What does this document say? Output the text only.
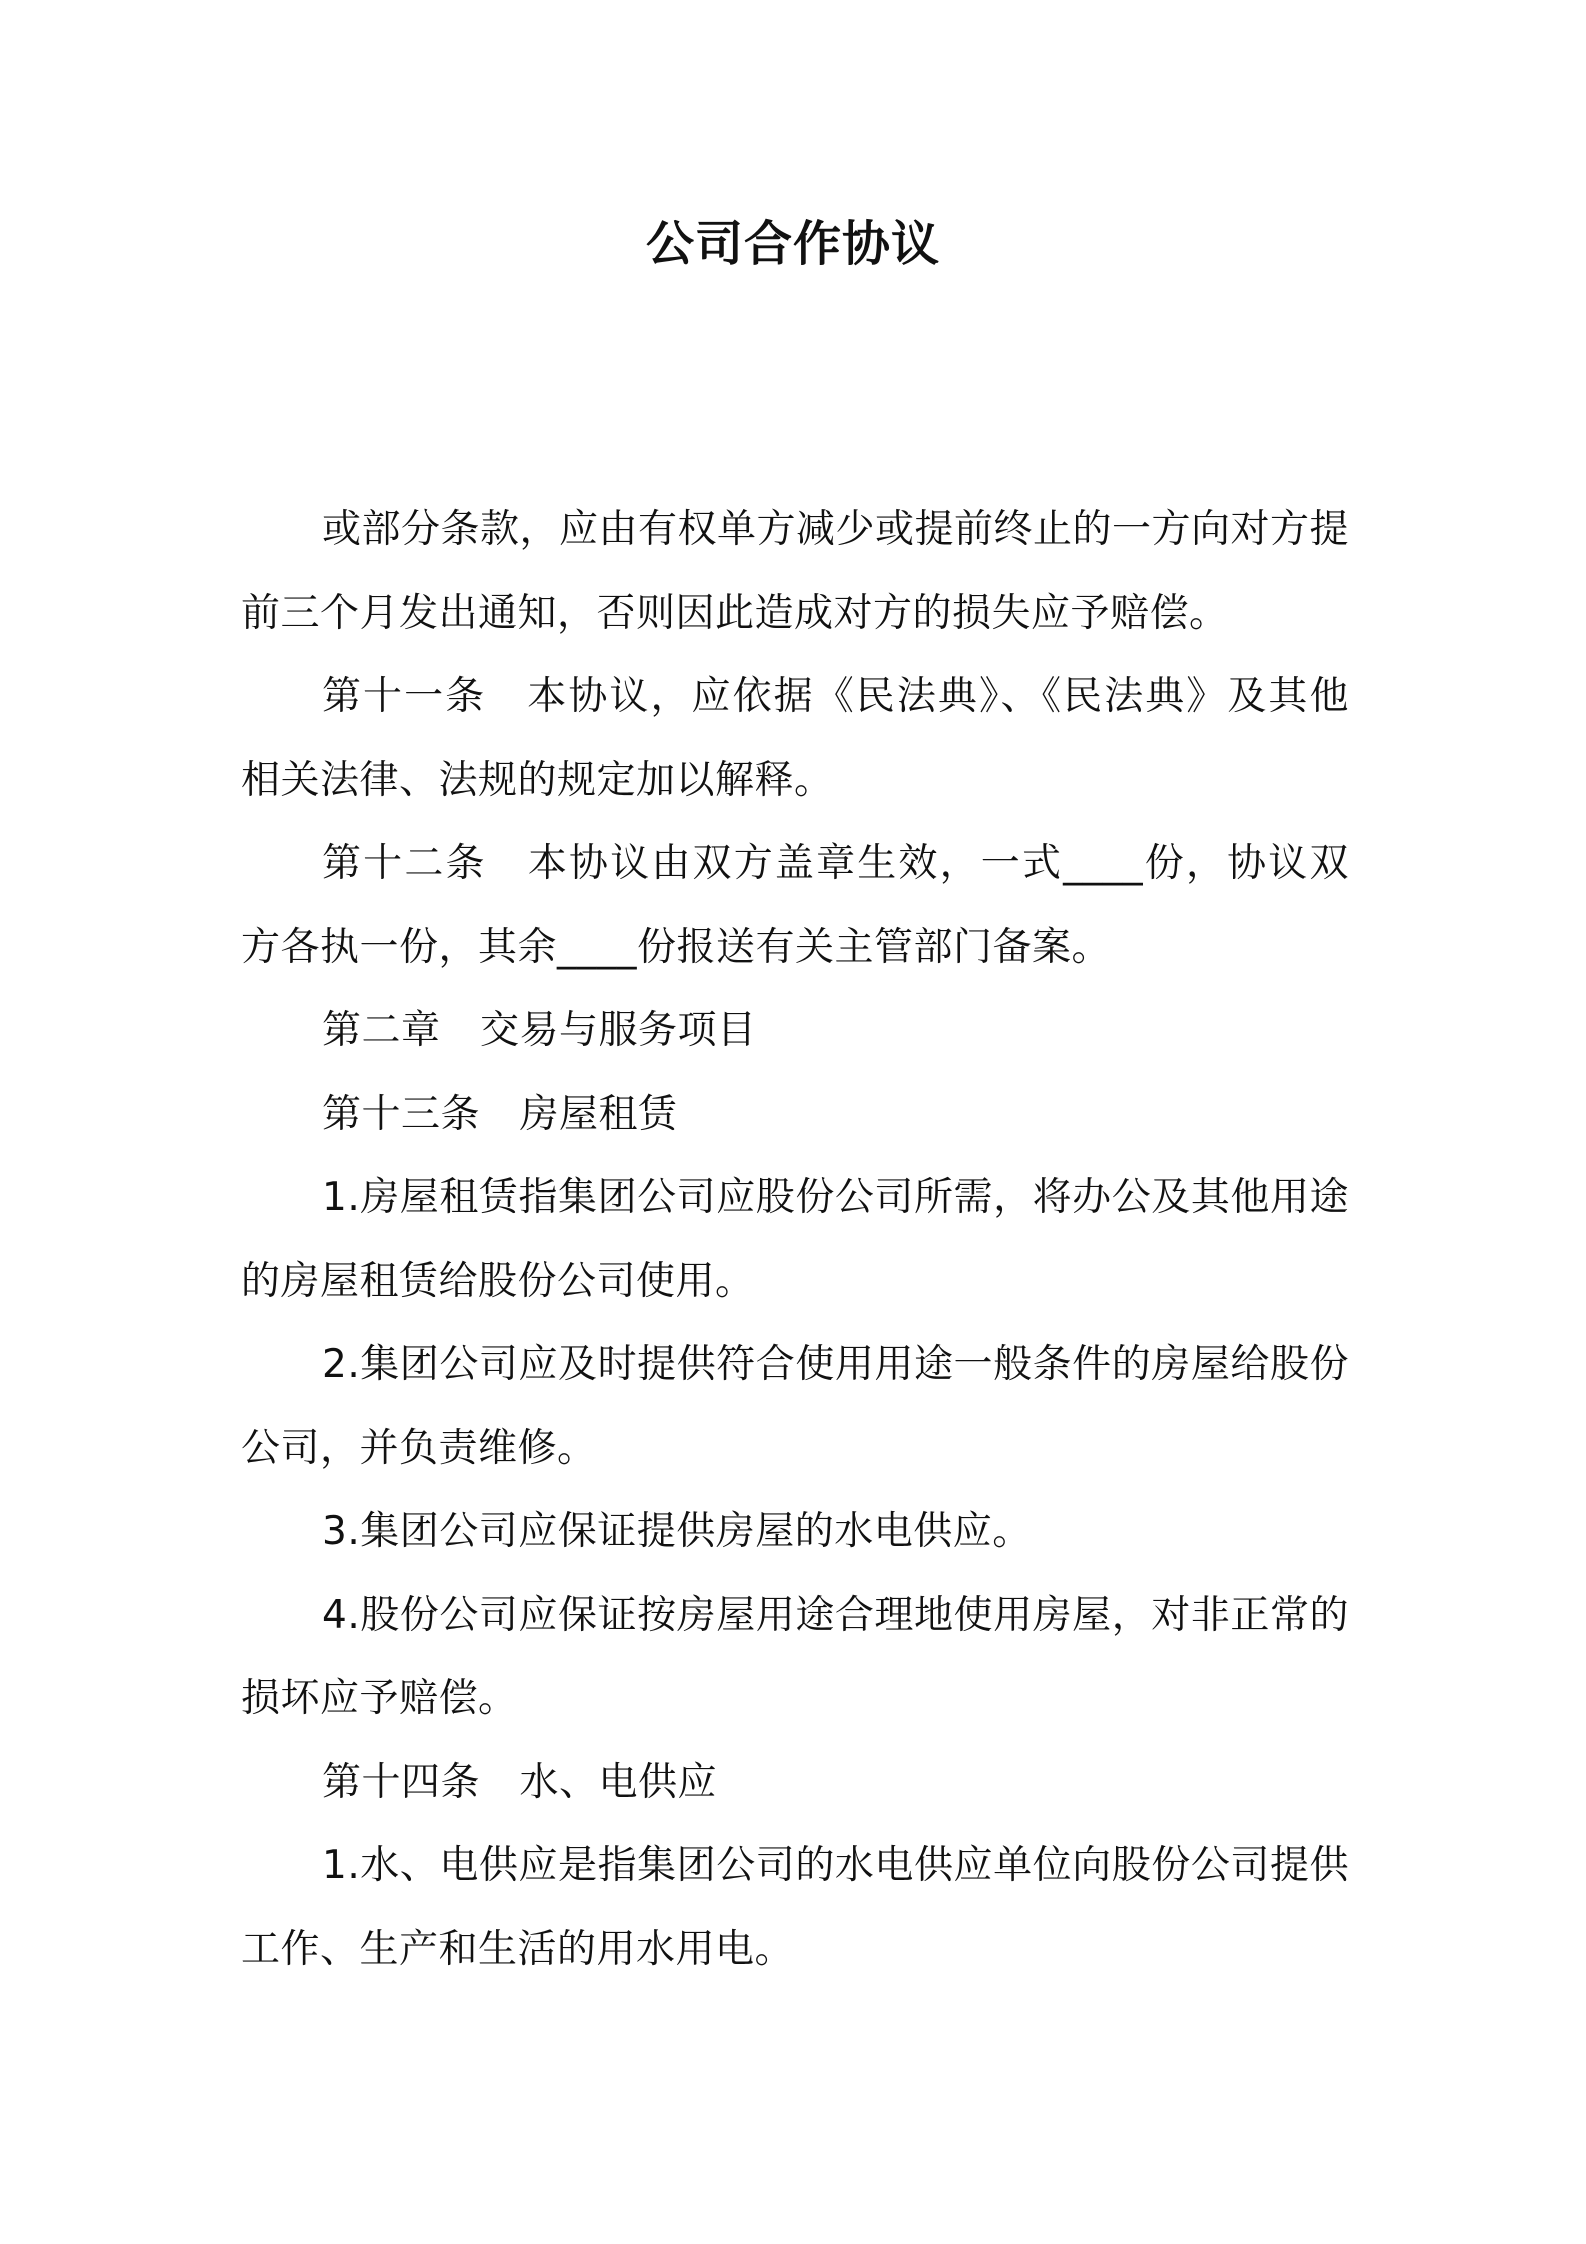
公司合作协议

或部分条款，应由有权单方减少或提前终止的一方向对方提前三个月发出通知，否则因此造成对方的损失应予赔偿。

第十一条　本协议，应依据《民法典》、《民法典》及其他相关法律、法规的规定加以解释。

第十二条　本协议由双方盖章生效，一式____份，协议双方各执一份，其余____份报送有关主管部门备案。

第二章　交易与服务项目

第十三条　房屋租赁

1.房屋租赁指集团公司应股份公司所需，将办公及其他用途的房屋租赁给股份公司使用。

2.集团公司应及时提供符合使用用途一般条件的房屋给股份公司，并负责维修。

3.集团公司应保证提供房屋的水电供应。

4.股份公司应保证按房屋用途合理地使用房屋，对非正常的损坏应予赔偿。

第十四条　水、电供应

1.水、电供应是指集团公司的水电供应单位向股份公司提供工作、生产和生活的用水用电。
